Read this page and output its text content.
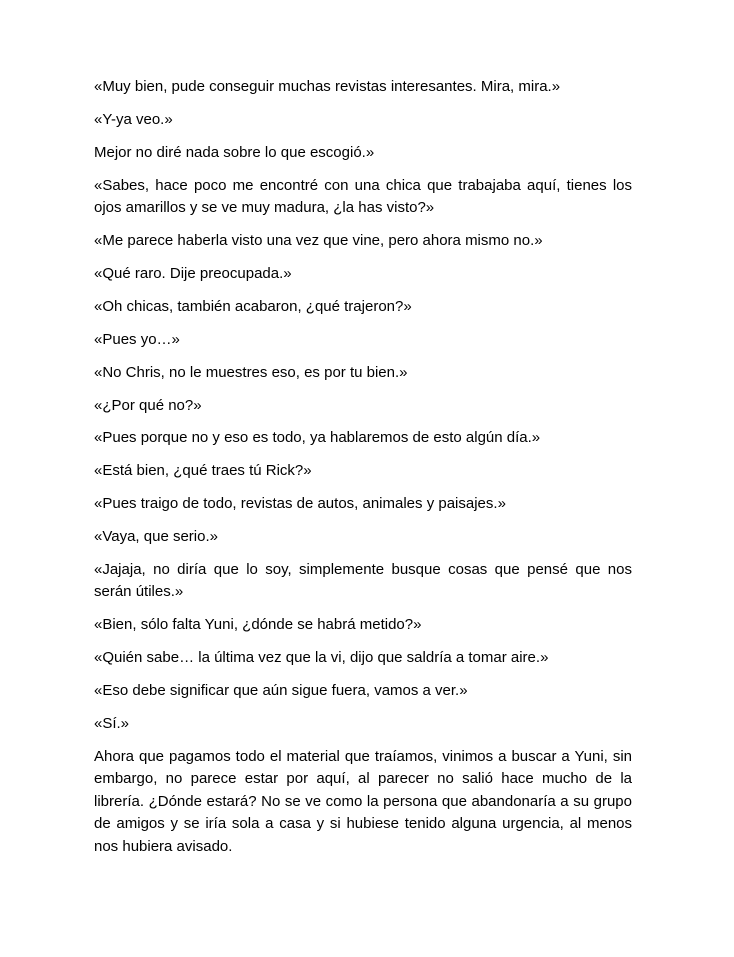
«Muy bien, pude conseguir muchas revistas interesantes. Mira, mira.»

«Y-ya veo.»

Mejor no diré nada sobre lo que escogió.»

«Sabes, hace poco me encontré con una chica que trabajaba aquí, tienes los ojos amarillos y se ve muy madura, ¿la has visto?»

«Me parece haberla visto una vez que vine, pero ahora mismo no.»

«Qué raro. Dije preocupada.»

«Oh chicas, también acabaron, ¿qué trajeron?»

«Pues yo…»

«No Chris, no le muestres eso, es por tu bien.»

«¿Por qué no?»

«Pues porque no y eso es todo, ya hablaremos de esto algún día.»

«Está bien, ¿qué traes tú Rick?»

«Pues traigo de todo, revistas de autos, animales y paisajes.»

«Vaya, que serio.»

«Jajaja, no diría que lo soy, simplemente busque cosas que pensé que nos serán útiles.»

«Bien, sólo falta Yuni, ¿dónde se habrá metido?»

«Quién sabe… la última vez que la vi, dijo que saldría a tomar aire.»

«Eso debe significar que aún sigue fuera, vamos a ver.»

«Sí.»

Ahora que pagamos todo el material que traíamos, vinimos a buscar a Yuni, sin embargo, no parece estar por aquí, al parecer no salió hace mucho de la librería. ¿Dónde estará? No se ve como la persona que abandonaría a su grupo de amigos y se iría sola a casa y si hubiese tenido alguna urgencia, al menos nos hubiera avisado.
